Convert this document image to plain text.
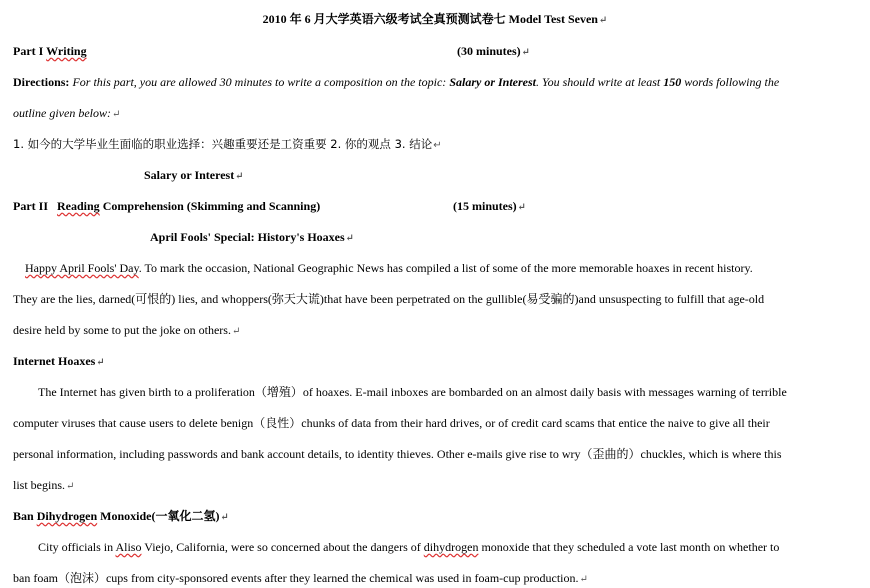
2010 年 6 月大学英语六级考试全真预测试卷七 Model Test Seven↵
Part I Writing	(30 minutes)↵
Directions: For this part, you are allowed 30 minutes to write a composition on the topic: Salary or Interest. You should write at least 150 words following the
outline given below:↵
1. 如今的大学毕业生面临的职业选择：兴趣重要还是工资重要 2. 你的观点 3. 结论↵
Salary or Interest↵
Part II Reading Comprehension (Skimming and Scanning)	(15 minutes)↵
April Fools' Special: History's Hoaxes↵
Happy April Fools' Day. To mark the occasion, National Geographic News has compiled a list of some of the more memorable hoaxes in recent history.
They are the lies, darned(可恨的) lies, and whoppers(弥天大谎)that have been perpetrated on the gullible(易受骗的)and unsuspecting to fulfill that age-old
desire held by some to put the joke on others.↵
Internet Hoaxes↵
The Internet has given birth to a proliferation（增殖）of hoaxes. E-mail inboxes are bombarded on an almost daily basis with messages warning of terrible
computer viruses that cause users to delete benign（良性）chunks of data from their hard drives, or of credit card scams that entice the naive to give all their
personal information, including passwords and bank account details, to identity thieves. Other e-mails give rise to wry（歪曲的）chuckles, which is where this
list begins.↵
Ban Dihydrogen Monoxide(一氧化二氢)↵
City officials in Aliso Viejo, California, were so concerned about the dangers of dihydrogen monoxide that they scheduled a vote last month on whether to
ban foam（泡沫）cups from city-sponsored events after they learned the chemical was used in foam-cup production.↵
